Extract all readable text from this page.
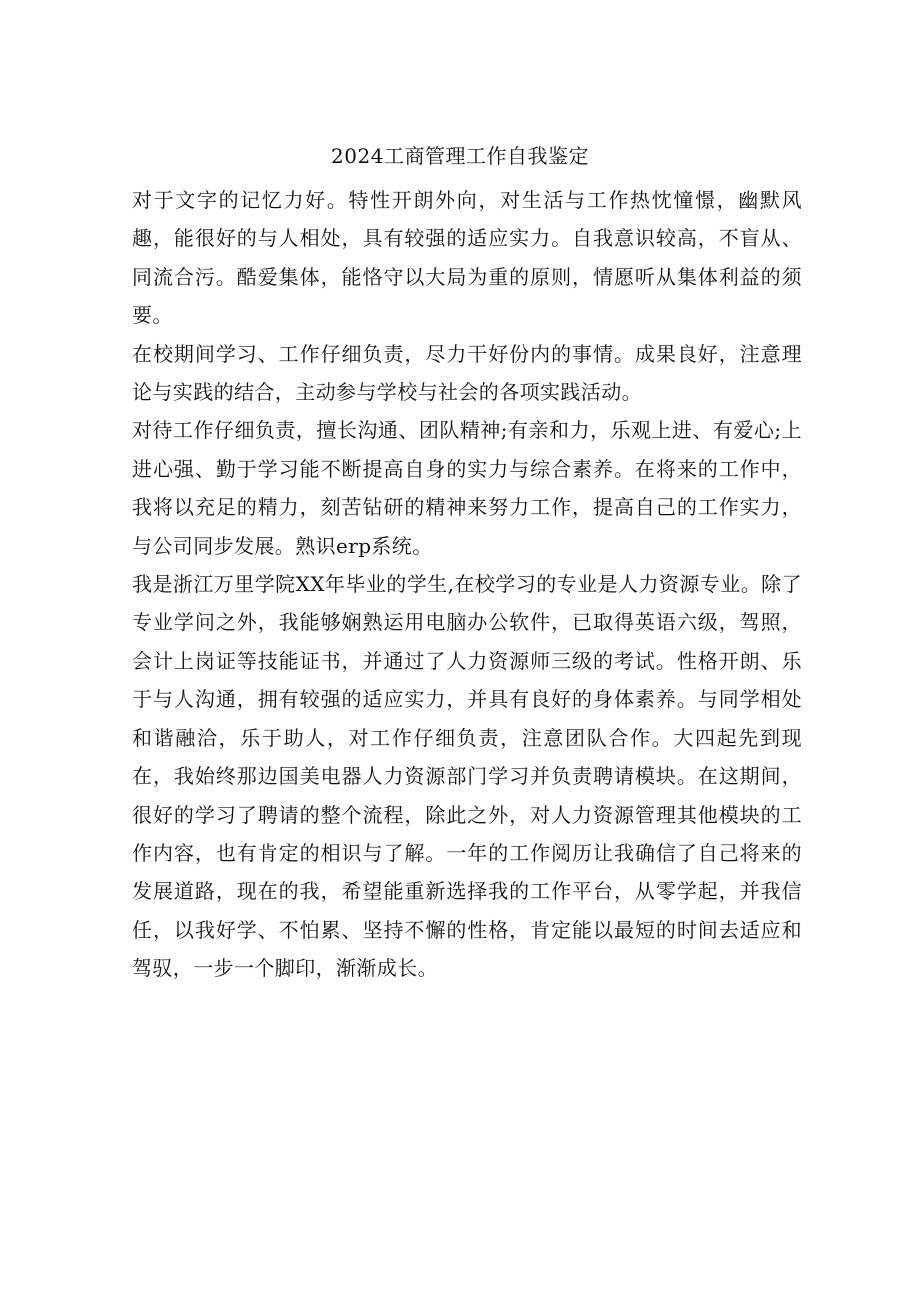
2024工商管理工作自我鉴定

对于文字的记忆力好。特性开朗外向，对生活与工作热忱憧憬，幽默风趣，能很好的与人相处，具有较强的适应实力。自我意识较高，不盲从、同流合污。酷爱集体，能恪守以大局为重的原则，情愿听从集体利益的须要。

在校期间学习、工作仔细负责，尽力干好份内的事情。成果良好，注意理论与实践的结合，主动参与学校与社会的各项实践活动。

对待工作仔细负责，擅长沟通、团队精神;有亲和力，乐观上进、有爱心;上进心强、勤于学习能不断提高自身的实力与综合素养。在将来的工作中，我将以充足的精力，刻苦钻研的精神来努力工作，提高自己的工作实力，与公司同步发展。熟识erp系统。

我是浙江万里学院XX年毕业的学生,在校学习的专业是人力资源专业。除了专业学问之外，我能够娴熟运用电脑办公软件，已取得英语六级，驾照，会计上岗证等技能证书，并通过了人力资源师三级的考试。性格开朗、乐于与人沟通，拥有较强的适应实力，并具有良好的身体素养。与同学相处和谐融洽，乐于助人，对工作仔细负责，注意团队合作。大四起先到现在，我始终那边国美电器人力资源部门学习并负责聘请模块。在这期间，很好的学习了聘请的整个流程，除此之外，对人力资源管理其他模块的工作内容，也有肯定的相识与了解。一年的工作阅历让我确信了自己将来的发展道路，现在的我，希望能重新选择我的工作平台，从零学起，并我信任，以我好学、不怕累、坚持不懈的性格，肯定能以最短的时间去适应和驾驭，一步一个脚印，渐渐成长。
